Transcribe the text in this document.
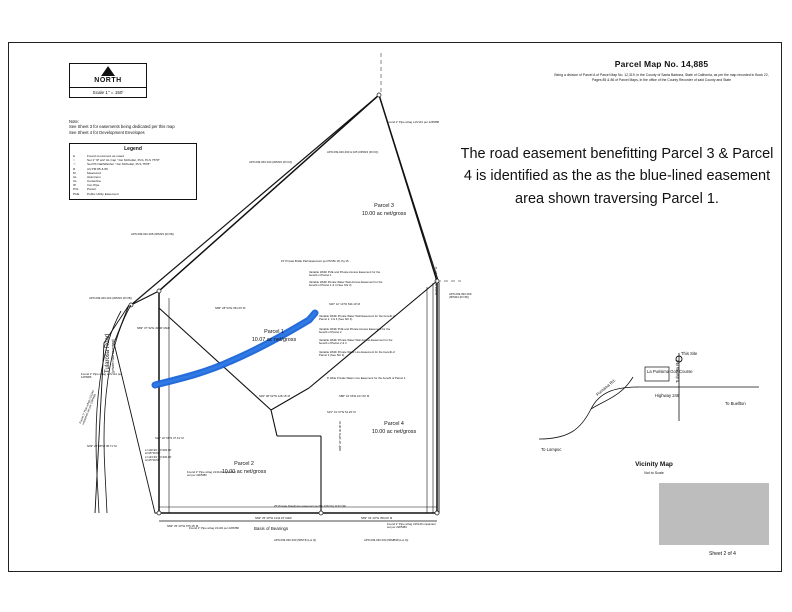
NORTH
Scale 1" = 150'
Note:
See Sheet 3 for easements being dedicated per this map
See Sheet 4 for Development Envelopes
Legend
●	Found monument as noted
○	Set 1" IP w/2' AL Cap "Jon McKellar, PLS, PLS 7578"
☉	Set PK Nail/Washer "Jon McKellar, PLS 7578"
R	(2) PM 85 & 86
M	Measured
AL	Aluminum
CL	Centerline
IP	Iron Pipe
PCL	Parcel
PUE	Public Utility Easement
Parcel 3
10.00 ac net/gross
Parcel 1
10.07 ac net/gross
Parcel 4
10.00 ac net/gross
Parcel 2
10.00 ac net/gross
Tularosa Road (private road easement)
N89° 28' 54"E 651.06' M
N89° 37' 52"E 30.00' M&R
S46° 12' 14"W 544.19' M
S49° 38' 02"W 128.16' M
S31° 31' 07"E 51.20' M
S88° 43' 06"E 107.00' M
S24° 22' 58"S 37.41' M
N39° 22' 58"W 38.71' M
N89° 35' 23"W 675.15' M
N89° 35' 20"W 1234.15' M&R	N89° 33' 20"W 359.00' M
N89° 36' 28"W 30.00' M
L=130.90', R=300.00'
Δ=25°00'00"
L=143.99', R=330.00'
Δ=25°00'00"
Basis of Bearings
15' Private Bridle Path Easement per PM Bk 18, Pg 15
Variable Width PUE and Private Access Easement for the benefit of Parcel 1
Variable Width Private Water Well Access Easement for the benefit of Parcel 1 & 4 (See Sht 3)
Variable Width Private Water Well Easement for the benefit of Parcel 2, 3 & 4 (See Sht 3)
Variable Width PUE and Private Access Easement for the benefit of Parcel 2
Variable Width Private Water Well Access Easement for the benefit of Parcel 2 & 3
Variable Width Private Water Line Easement for the benefit of Parcel 2 (See Sht 3)
8' Wide Private Water Line Easement for the benefit of Parcel 2
25' Private Telephone easement per Bk 1762 Pg 1132 OR
Found 2" Pipe w/tag L1S'141 per 12PM86
APN 099-020-033 & 025 (0PM23 (Pcl D))
APN 099-030-043 (0PM23 (Pcl D))
APN 099-020-008 (0PM23 (Pcl B))
APN 099-020-024 (0PM23 (Pcl B))
APN 099-090-009 (0PM23 (Pcl B))
APN 099-030-030 (5PM B (Lot 3))	APN 099-030-030 (50MB38 (Lot 3))
Found 2" Pipe w/tag LS146 per 22PM86
Found 2" Pipe w/tag LS5149 unpainted set per 22PM86
Found 2" Pipe w/tag LS3140 unpainted set per 22PM86
R=303.00' N 30' 00" W
Found 2" Pipe w/tag L1S'141 per 12PM86
Found 2" Pipe w/tag LS3140 unpainted set per 22PM86
Parcel Map No. 14,885
Being a division of Parcel A of Parcel Map No. 12,319, in the County of Santa Barbara, State of California, as per the map recorded in Book 22, Pages 85 & 86 of Parcel Maps, in the office of the County Recorder of said County and State
The road easement benefitting Parcel 3 & Parcel 4 is identified as the as the blue-lined easement area shown traversing Parcel 1.
This Site
To Buellton
To Lompoc
Highway 246
La Purisima Golf Course
Purisima Rd.
Tularosa Rd.
Vicinity Map
Not to Scale
Sheet 2 of 4
